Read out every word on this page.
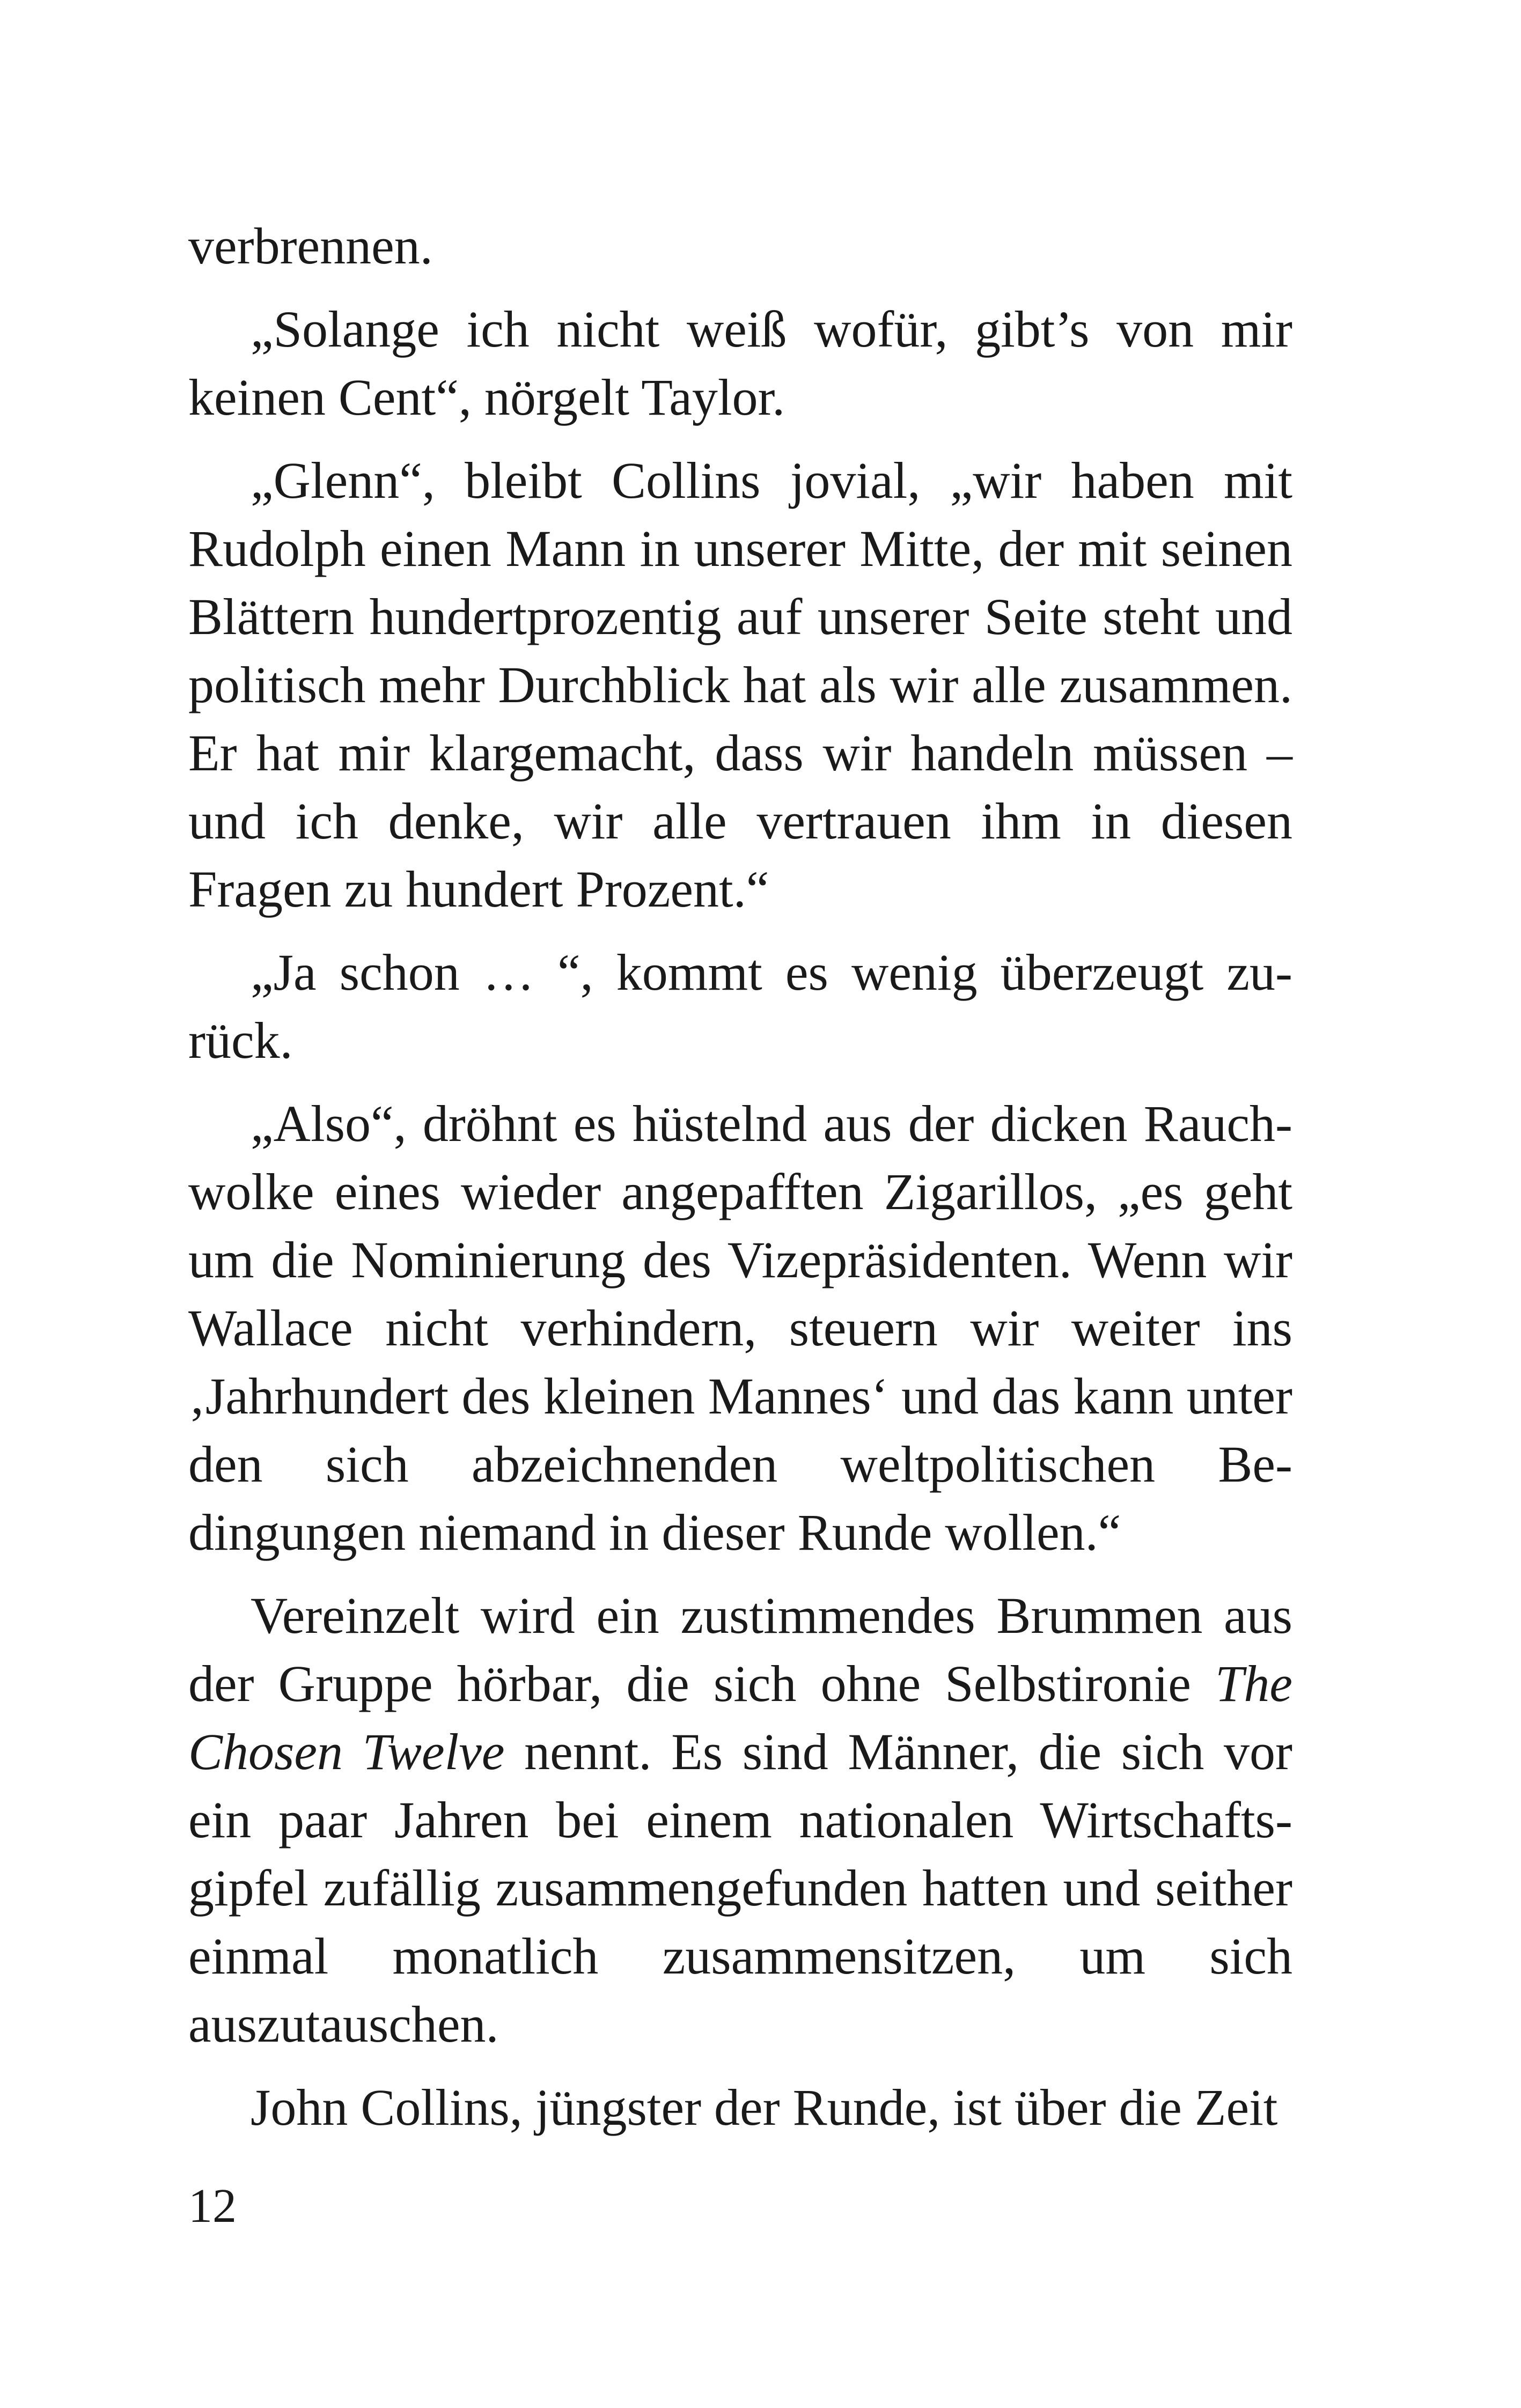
verbrennen.

„Solange ich nicht weiß wofür, gibt’s von mir keinen Cent“, nörgelt Taylor.

„Glenn“, bleibt Collins jovial, „wir haben mit Rudolph einen Mann in unserer Mitte, der mit seinen Blättern hundertprozentig auf unserer Seite steht und politisch mehr Durchblick hat als wir alle zusammen. Er hat mir klargemacht, dass wir handeln müssen – und ich denke, wir alle vertrauen ihm in diesen Fragen zu hundert Prozent.“

„Ja schon … “, kommt es wenig überzeugt zurück.

„Also“, dröhnt es hüstelnd aus der dicken Rauchwolke eines wieder angepafften Zigarillos, „es geht um die Nominierung des Vizepräsidenten. Wenn wir Wallace nicht verhindern, steuern wir weiter ins ‚Jahrhundert des kleinen Mannes‘ und das kann unter den sich abzeichnenden weltpolitischen Bedingungen niemand in dieser Runde wollen.“

Vereinzelt wird ein zustimmendes Brummen aus der Gruppe hörbar, die sich ohne Selbstironie The Chosen Twelve nennt. Es sind Männer, die sich vor ein paar Jahren bei einem nationalen Wirtschaftsgipfel zufällig zusammengefunden hatten und seither einmal monatlich zusammensitzen, um sich auszutauschen.

John Collins, jüngster der Runde, ist über die Zeit

12
